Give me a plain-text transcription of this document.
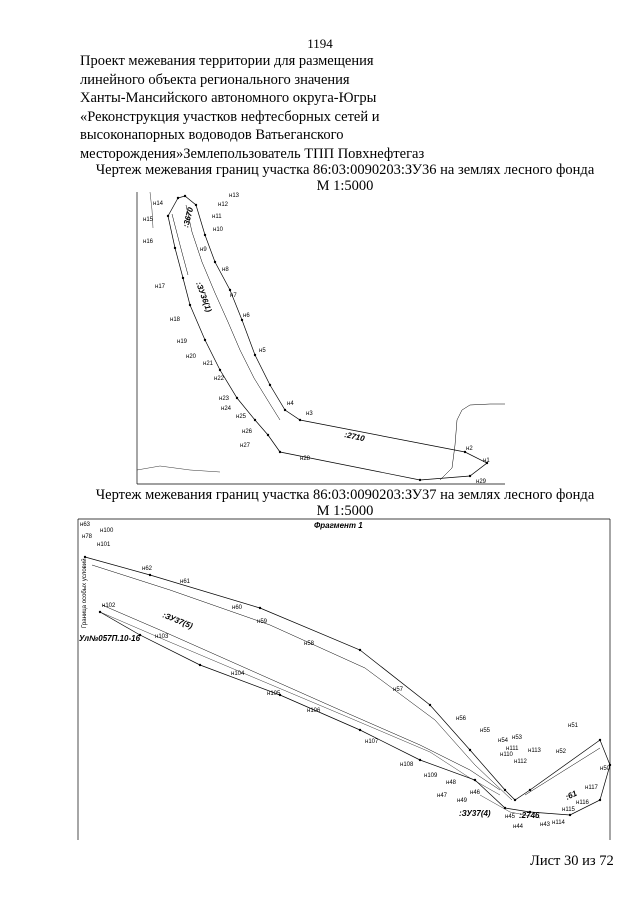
1194
Проект межевания территории для размещения
линейного объекта регионального значения
Ханты-Мансийского автономного округа-Югры
«Реконструкция участков нефтесборных сетей и
высоконапорных водоводов Ватьеганского
месторождения»Землепользователь ТПП Повхнефтегаз
Чертеж межевания границ участка 86:03:0090203:ЗУ36 на землях лесного фонда
М 1:5000
н13
н12
н11
н10
н14
н15
н16
н9
н8
н7
н17
н6
н18
н5
н19
н20
н21
н22
н23
н24
н4
н3
н25
н26
н27
н28
н2
н1
н29
:3670
:ЗУ36(1)
:2710
Чертеж межевания границ участка 86:03:0090203:ЗУ37 на землях лесного фонда
М 1:5000
Фрагмент 1
Граница особых условий
Ул№057П.10-16
н63
н100
н78
н101
н62
н61
н60
н59
н58
н57
н102
н103
н104
н105
н106
н107
н108
н109
н56
н55
н54 н53
н111
н110
н112
н113
н51
н52
н50
н117
н116
н115
н114
н43
н44
н45
н46
н47
н48
н49
:ЗУ37(5)
:ЗУ37(4)	:2746
:61
Лист 30 из 72
